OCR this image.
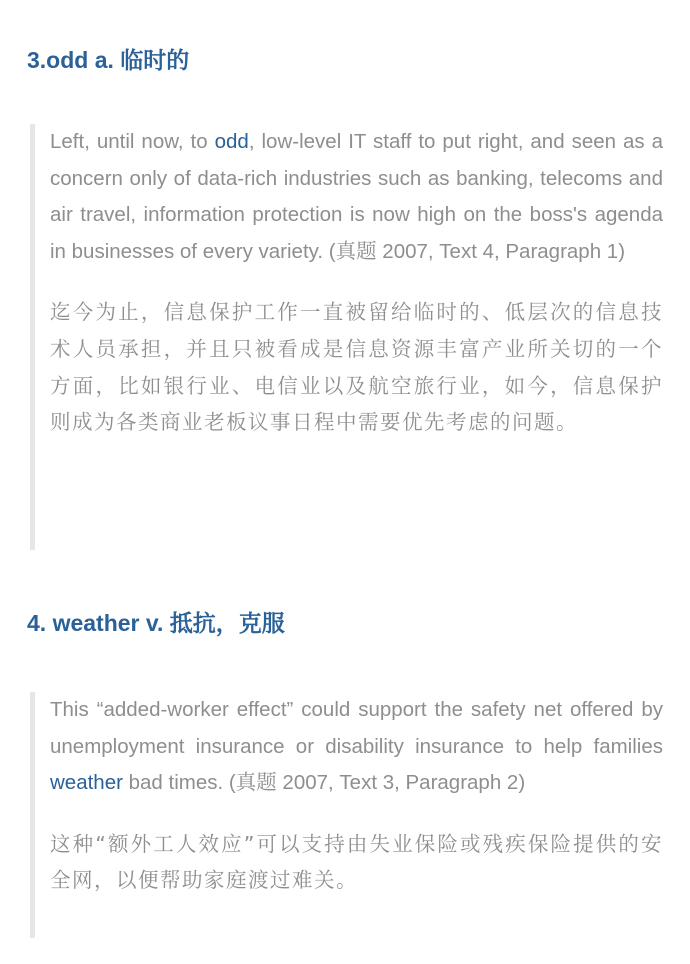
3.odd a. 临时的

Left, until now, to odd, low-level IT staff to put right, and seen as a concern only of data-rich industries such as banking, telecoms and air travel, information protection is now high on the boss's agenda in businesses of every variety. (真题 2007, Text 4, Paragraph 1)

迄今为止，信息保护工作一直被留给临时的、低层次的信息技术人员承担，并且只被看成是信息资源丰富产业所关切的一个方面，比如银行业、电信业以及航空旅行业，如今，信息保护则成为各类商业老板议事日程中需要优先考虑的问题。

4. weather v. 抵抗，克服

This “added-worker effect” could support the safety net offered by unemployment insurance or disability insurance to help families weather bad times. (真题 2007, Text 3, Paragraph 2)

这种“额外工人效应”可以支持由失业保险或残疾保险提供的安全网，以便帮助家庭渡过难关。
